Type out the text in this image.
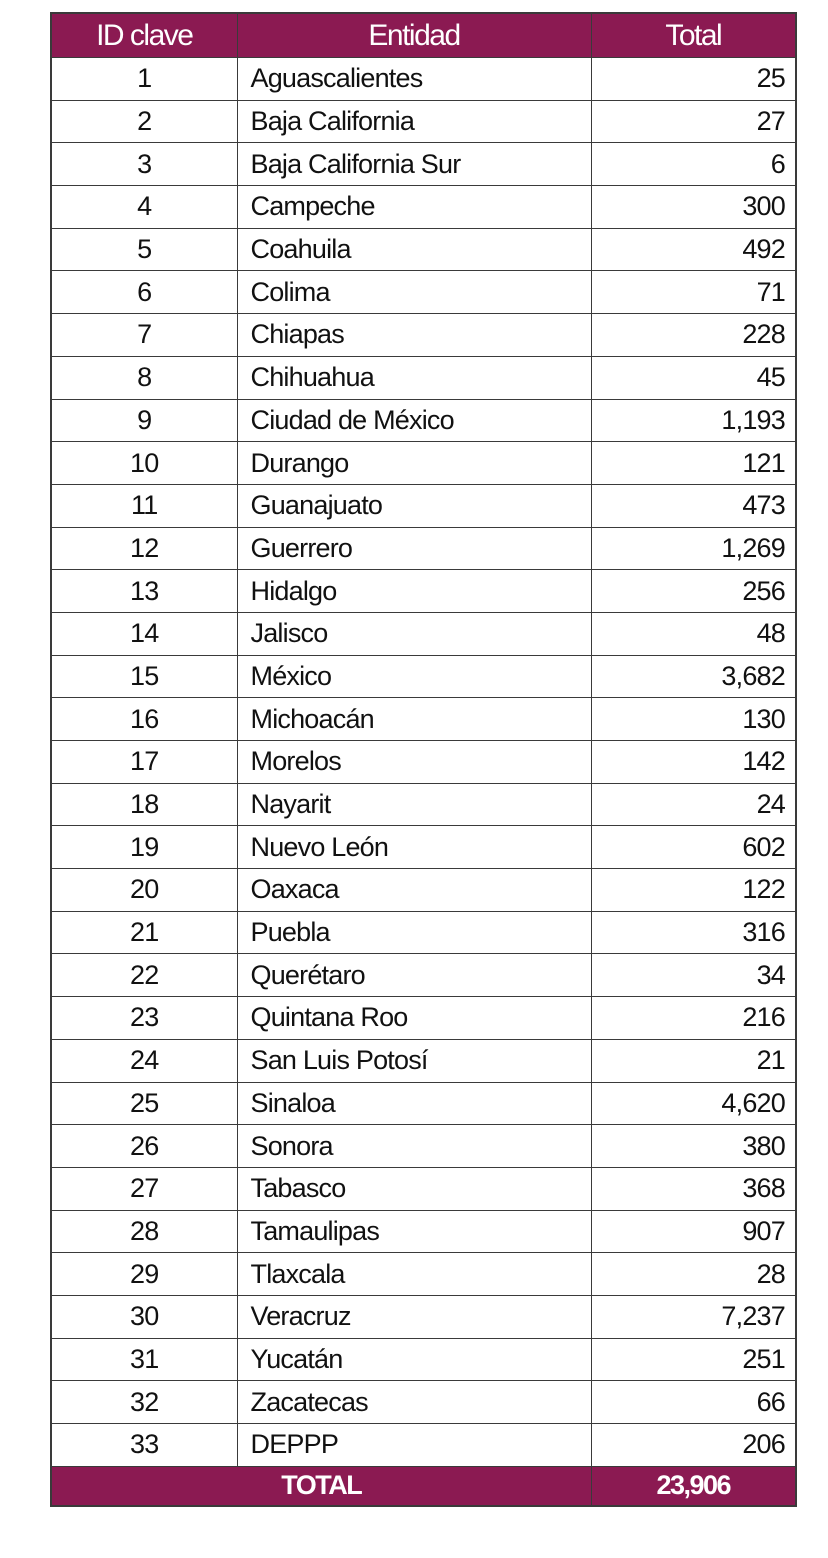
ID clave	Entidad	Total
1	Aguascalientes	25
2	Baja California	27
3	Baja California Sur	6
4	Campeche	300
5	Coahuila	492
6	Colima	71
7	Chiapas	228
8	Chihuahua	45
9	Ciudad de México	1,193
10	Durango	121
11	Guanajuato	473
12	Guerrero	1,269
13	Hidalgo	256
14	Jalisco	48
15	México	3,682
16	Michoacán	130
17	Morelos	142
18	Nayarit	24
19	Nuevo León	602
20	Oaxaca	122
21	Puebla	316
22	Querétaro	34
23	Quintana Roo	216
24	San Luis Potosí	21
25	Sinaloa	4,620
26	Sonora	380
27	Tabasco	368
28	Tamaulipas	907
29	Tlaxcala	28
30	Veracruz	7,237
31	Yucatán	251
32	Zacatecas	66
33	DEPPP	206
TOTAL		23,906
